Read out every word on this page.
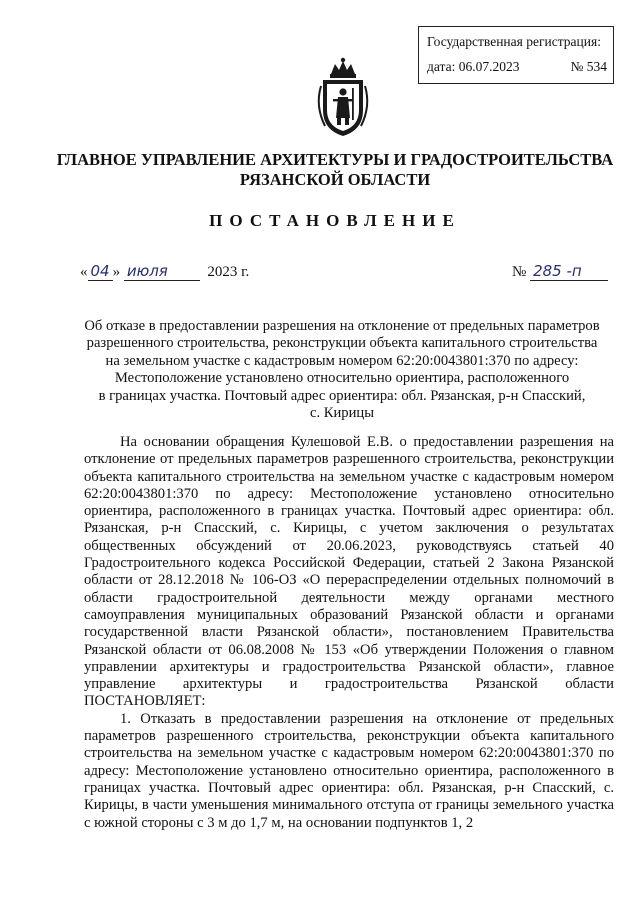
Государственная регистрация:
дата: 06.07.2023	№ 534
ГЛАВНОЕ УПРАВЛЕНИЕ АРХИТЕКТУРЫ И ГРАДОСТРОИТЕЛЬСТВА
РЯЗАНСКОЙ ОБЛАСТИ
ПОСТАНОВЛЕНИЕ
« 04 » июля	2023 г.	№ 285 -п
Об отказе в предоставлении разрешения на отклонение от предельных параметров
разрешенного строительства, реконструкции объекта капитального строительства
на земельном участке с кадастровым номером 62:20:0043801:370 по адресу:
Местоположение установлено относительно ориентира, расположенного
в границах участка. Почтовый адрес ориентира: обл. Рязанская, р-н Спасский,
с. Кирицы

На основании обращения Кулешовой Е.В. о предоставлении разрешения на отклонение от предельных параметров разрешенного строительства, реконструкции объекта капитального строительства на земельном участке с кадастровым номером 62:20:0043801:370 по адресу: Местоположение установлено относительно ориентира, расположенного в границах участка. Почтовый адрес ориентира: обл. Рязанская, р-н Спасский, с. Кирицы, с учетом заключения о результатах общественных обсуждений от 20.06.2023, руководствуясь статьей 40 Градостроительного кодекса Российской Федерации, статьей 2 Закона Рязанской области от 28.12.2018 № 106-ОЗ «О перераспределении отдельных полномочий в области градостроительной деятельности между органами местного самоуправления муниципальных образований Рязанской области и органами государственной власти Рязанской области», постановлением Правительства Рязанской области от 06.08.2008 № 153 «Об утверждении Положения о главном управлении архитектуры и градостроительства Рязанской области», главное управление архитектуры и градостроительства Рязанской области ПОСТАНОВЛЯЕТ:

1. Отказать в предоставлении разрешения на отклонение от предельных параметров разрешенного строительства, реконструкции объекта капитального строительства на земельном участке с кадастровым номером 62:20:0043801:370 по адресу: Местоположение установлено относительно ориентира, расположенного в границах участка. Почтовый адрес ориентира: обл. Рязанская, р-н Спасский, с. Кирицы, в части уменьшения минимального отступа от границы земельного участка с южной стороны с 3 м до 1,7 м, на основании подпунктов 1, 2
